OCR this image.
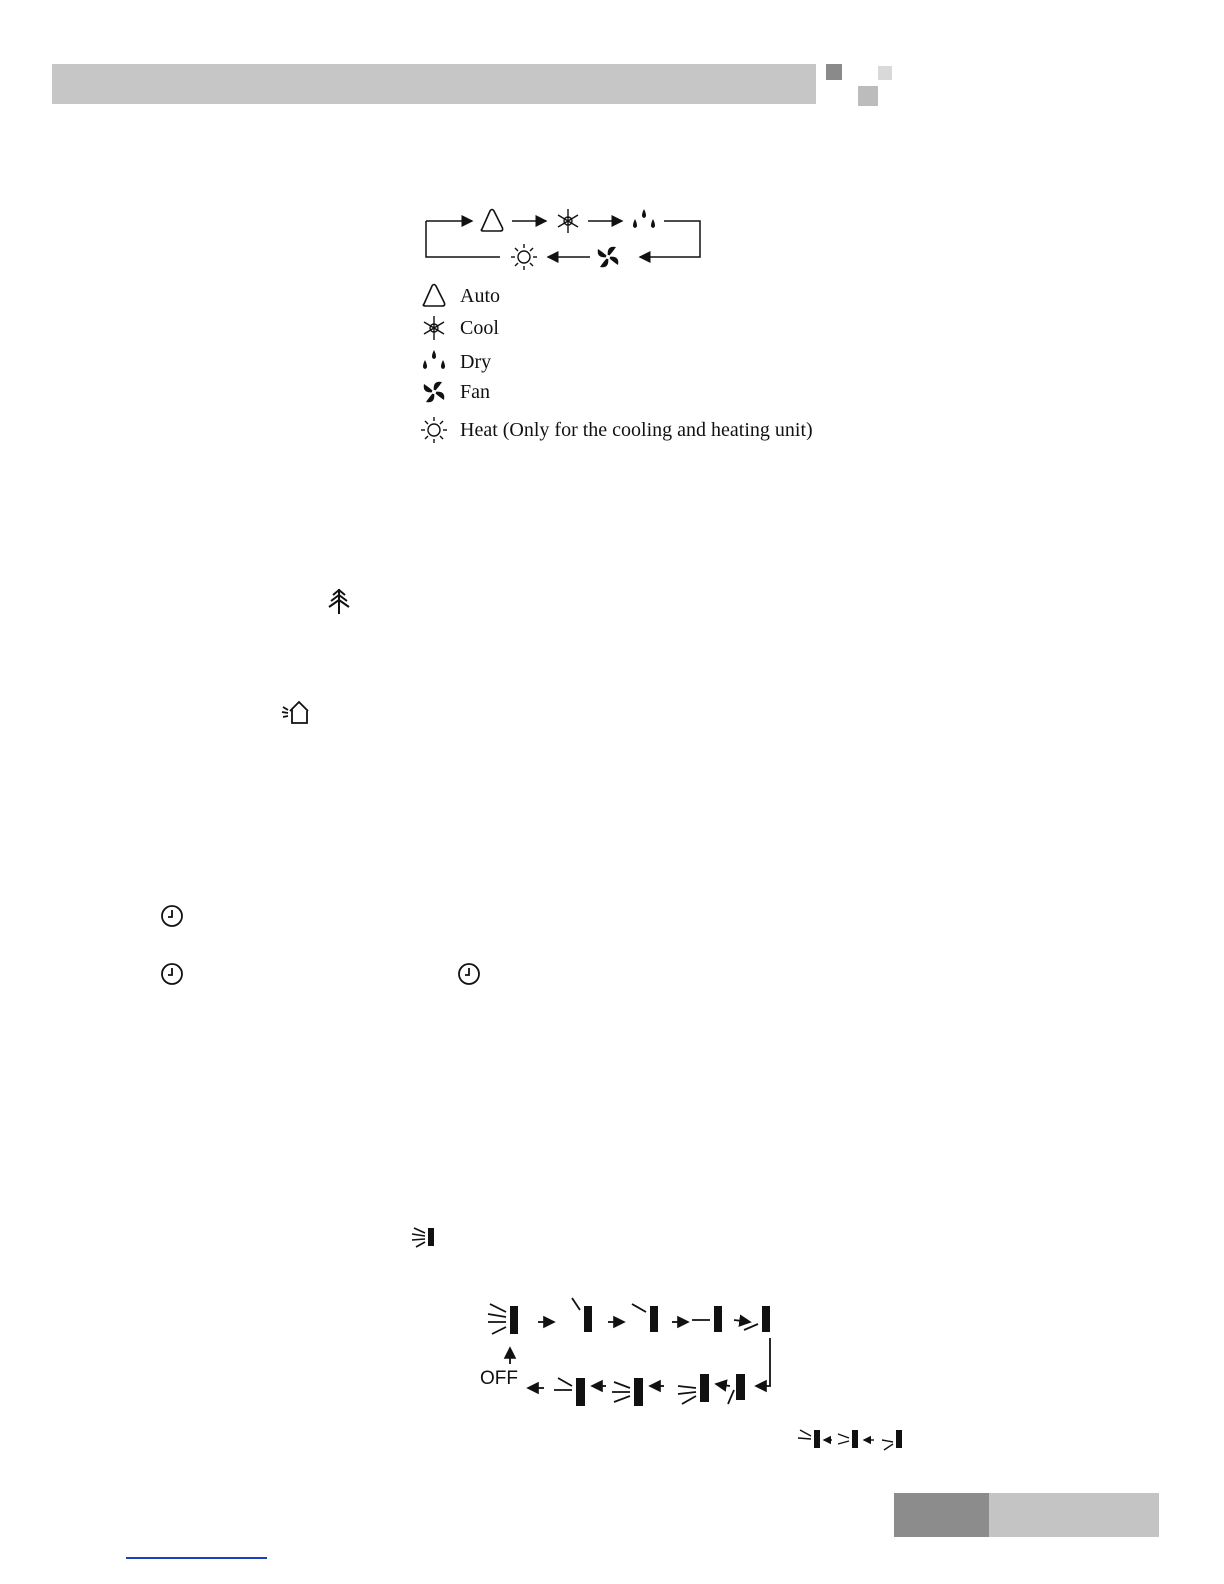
Auto
Cool
Dry
Fan
Heat (Only for the cooling and heating unit)
OFF
